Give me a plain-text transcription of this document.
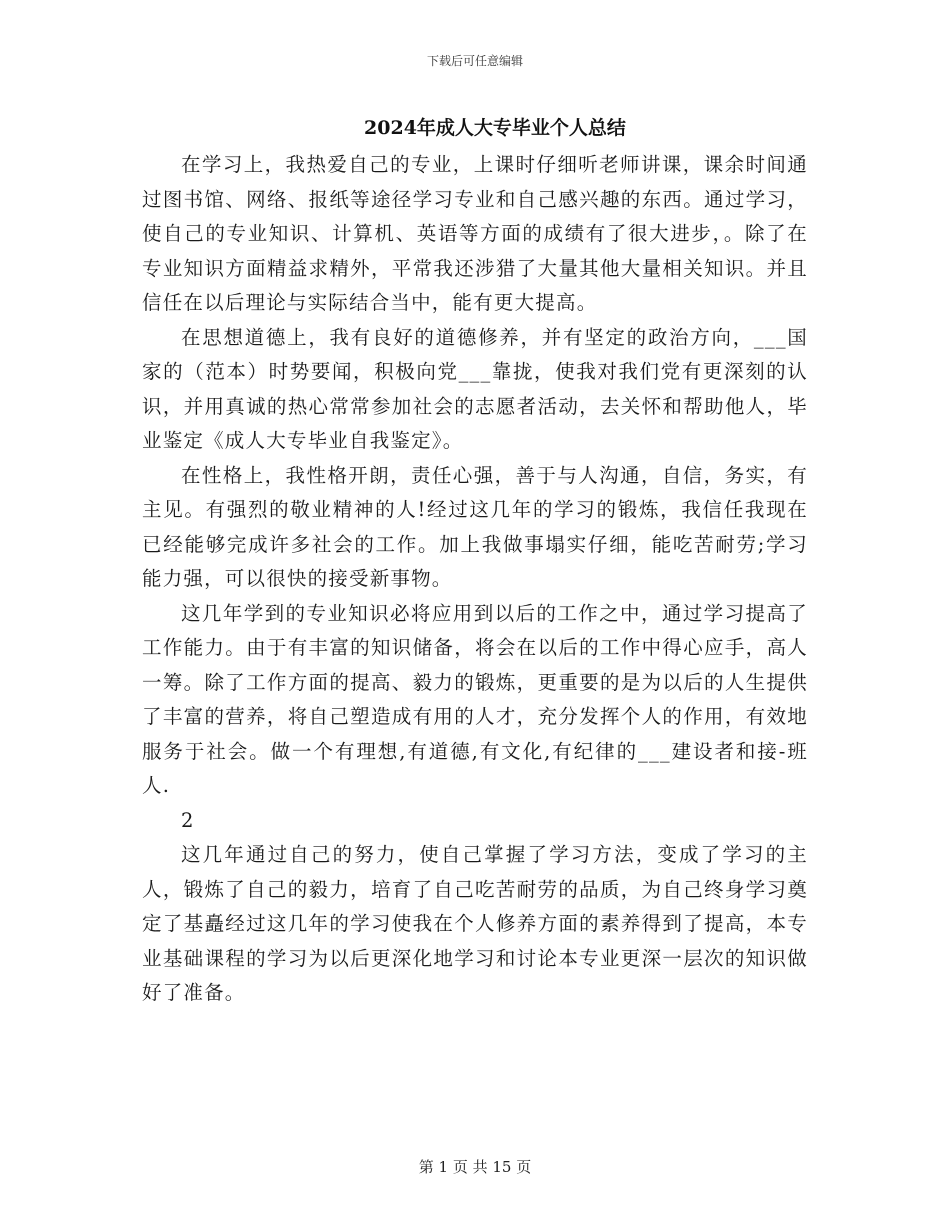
下载后可任意编辑
2024年成人大专毕业个人总结

在学习上，我热爱自己的专业，上课时仔细听老师讲课，课余时间通过图书馆、网络、报纸等途径学习专业和自己感兴趣的东西。通过学习，使自己的专业知识、计算机、英语等方面的成绩有了很大进步，。除了在专业知识方面精益求精外，平常我还涉猎了大量其他大量相关知识。并且信任在以后理论与实际结合当中，能有更大提高。

在思想道德上，我有良好的道德修养，并有坚定的政治方向，___国家的（范本）时势要闻，积极向党___靠拢，使我对我们党有更深刻的认识，并用真诚的热心常常参加社会的志愿者活动，去关怀和帮助他人，毕业鉴定《成人大专毕业自我鉴定》。

在性格上，我性格开朗，责任心强，善于与人沟通，自信，务实，有主见。有强烈的敬业精神的人!经过这几年的学习的锻炼，我信任我现在已经能够完成许多社会的工作。加上我做事塌实仔细，能吃苦耐劳;学习能力强，可以很快的接受新事物。

这几年学到的专业知识必将应用到以后的工作之中，通过学习提高了工作能力。由于有丰富的知识储备，将会在以后的工作中得心应手，高人一筹。除了工作方面的提高、毅力的锻炼，更重要的是为以后的人生提供了丰富的营养，将自己塑造成有用的人才，充分发挥个人的作用，有效地服务于社会。做一个有理想,有道德,有文化,有纪律的___建设者和接-班人.

2

这几年通过自己的努力，使自己掌握了学习方法，变成了学习的主人，锻炼了自己的毅力，培育了自己吃苦耐劳的品质，为自己终身学习奠定了基矗经过这几年的学习使我在个人修养方面的素养得到了提高，本专业基础课程的学习为以后更深化地学习和讨论本专业更深一层次的知识做好了准备。

第 1 页 共 15 页
